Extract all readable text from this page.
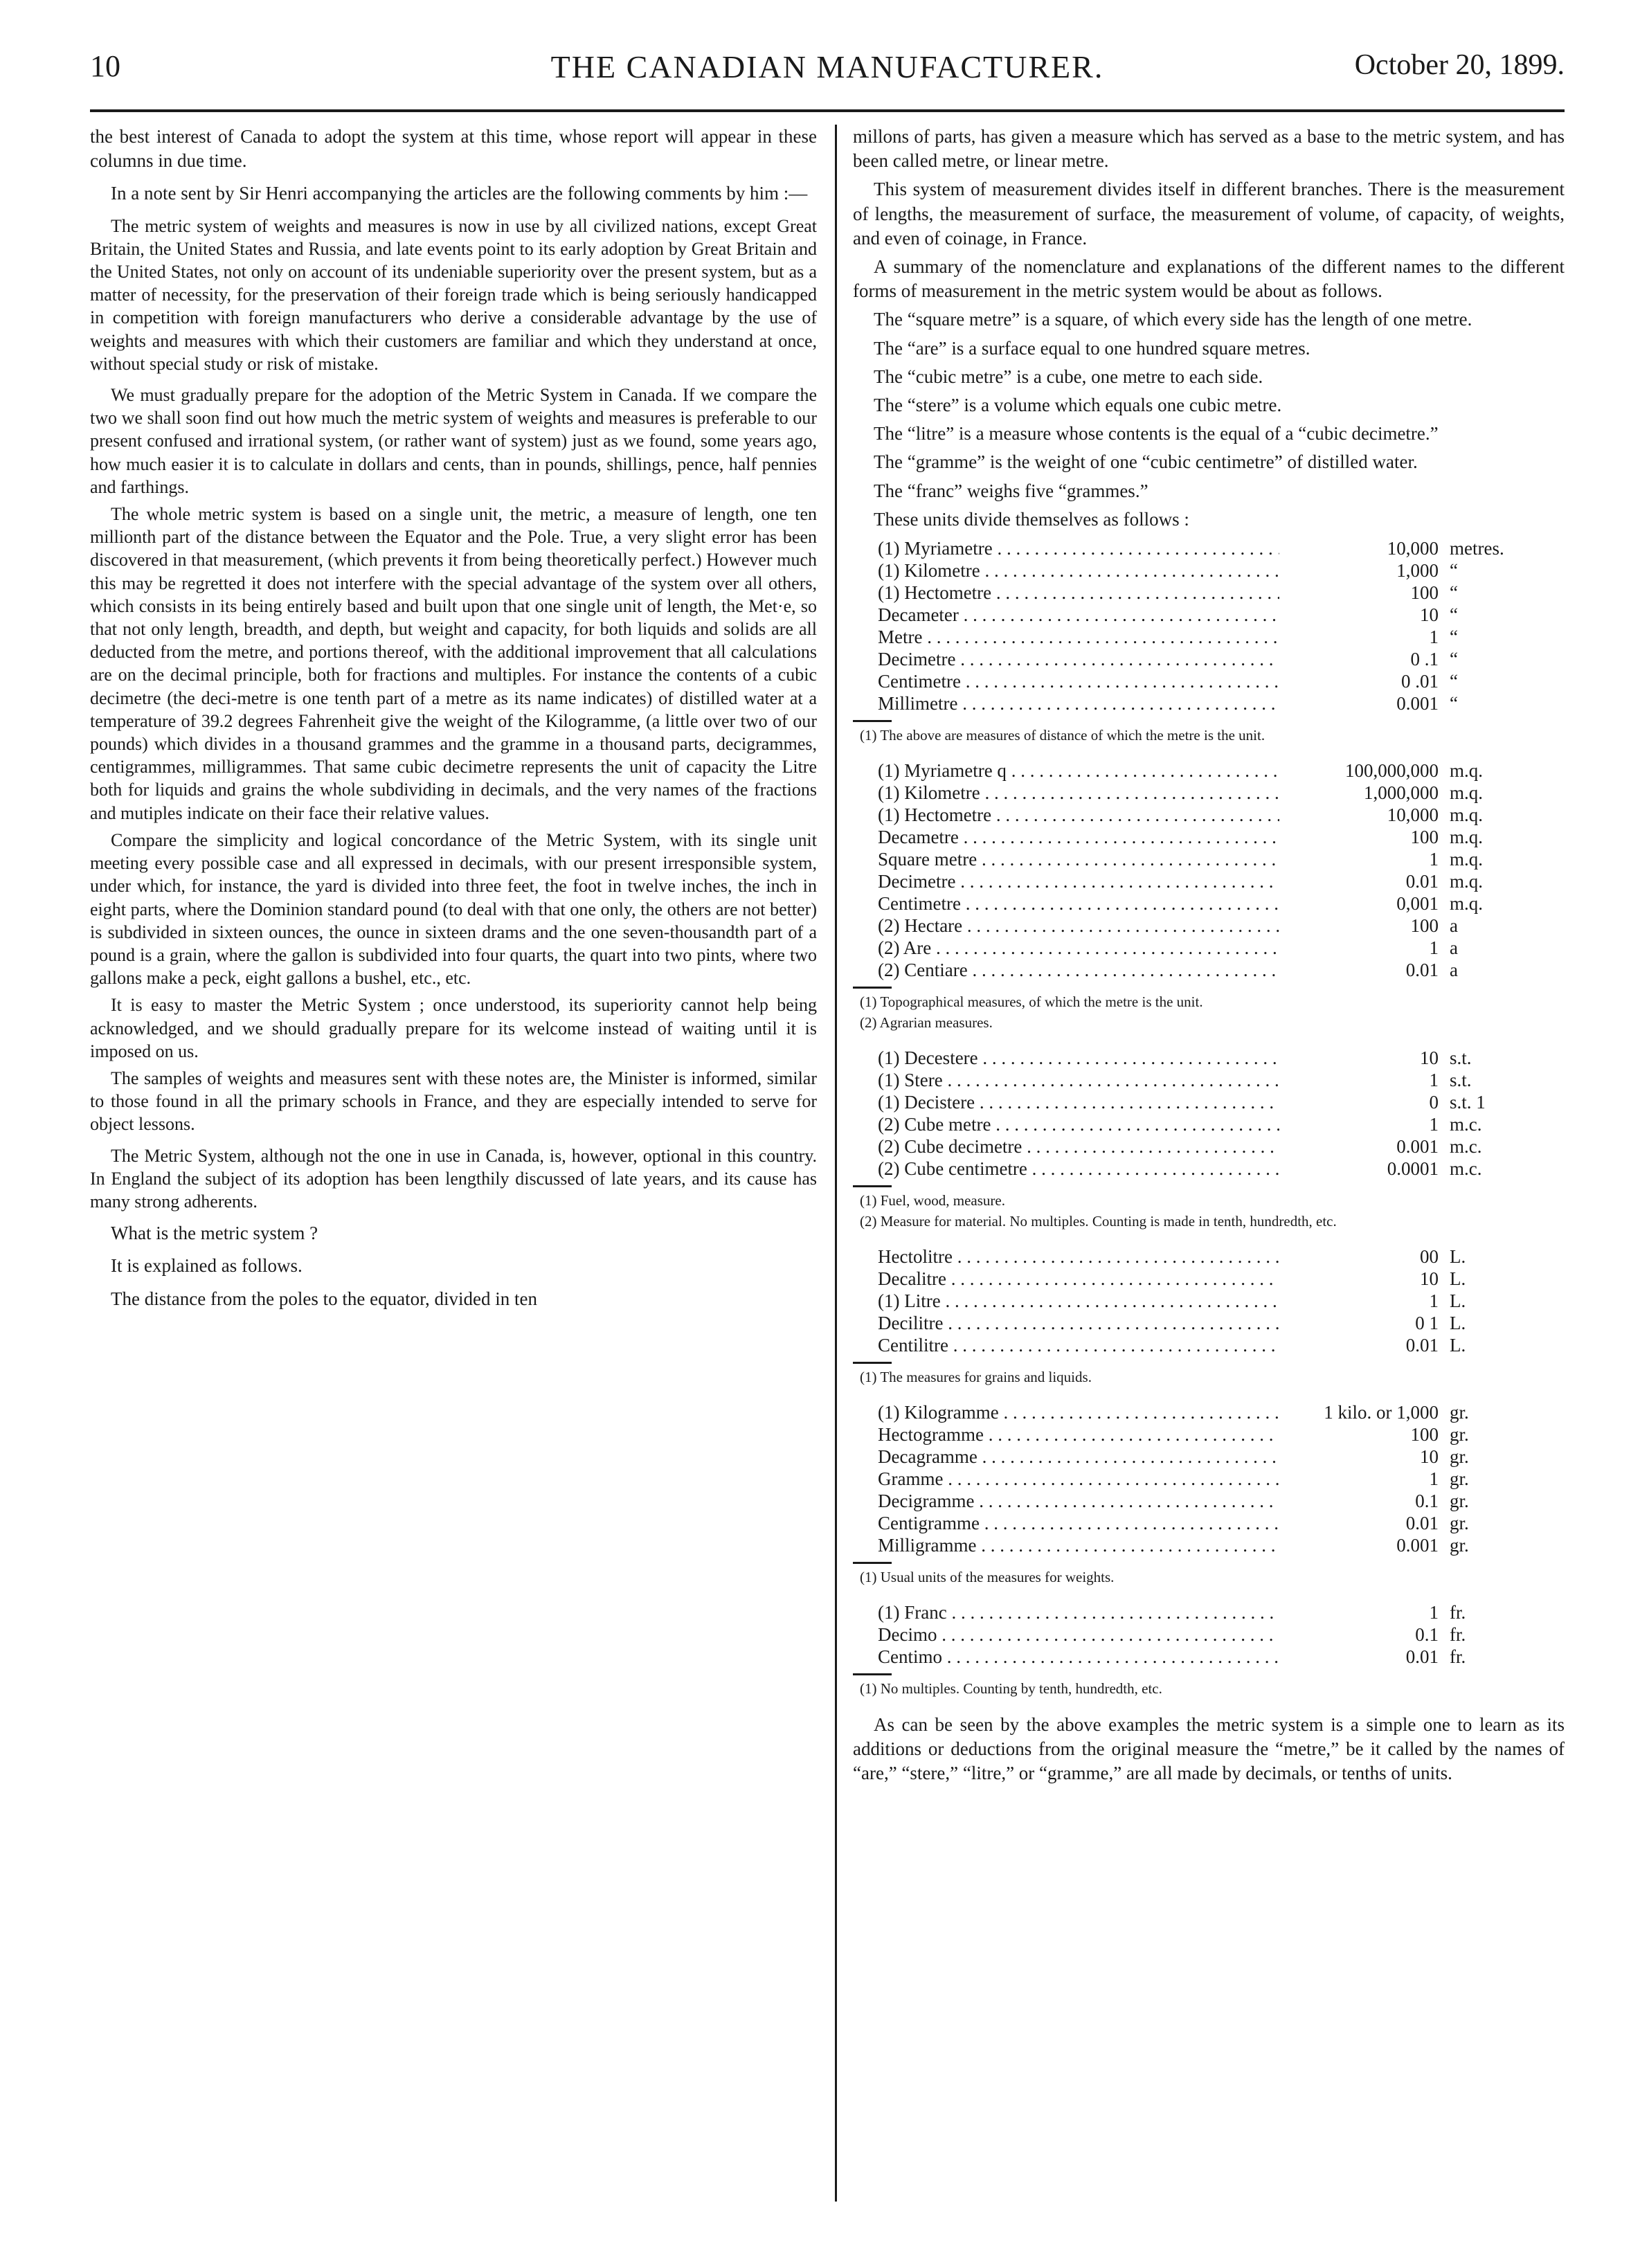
10	THE CANADIAN MANUFACTURER.	October 20, 1899.

the best interest of Canada to adopt the system at this time, whose report will appear in these columns in due time.

In a note sent by Sir Henri accompanying the articles are the following comments by him :—

The metric system of weights and measures is now in use by all civilized nations, except Great Britain, the United States and Russia, and late events point to its early adoption by Great Britain and the United States, not only on account of its undeniable superiority over the present system, but as a matter of necessity, for the preservation of their foreign trade which is being seriously handicapped in competition with foreign manufacturers who derive a considerable advantage by the use of weights and measures with which their customers are familiar and which they understand at once, without special study or risk of mistake.

We must gradually prepare for the adoption of the Metric System in Canada. If we compare the two we shall soon find out how much the metric system of weights and measures is preferable to our present confused and irrational system, (or rather want of system) just as we found, some years ago, how much easier it is to calculate in dollars and cents, than in pounds, shillings, pence, half pennies and farthings.

The whole metric system is based on a single unit, the metric, a measure of length, one ten millionth part of the distance between the Equator and the Pole. True, a very slight error has been discovered in that measurement, (which prevents it from being theoretically perfect.) However much this may be regretted it does not interfere with the special advantage of the system over all others, which consists in its being entirely based and built upon that one single unit of length, the Met·e, so that not only length, breadth, and depth, but weight and capacity, for both liquids and solids are all deducted from the metre, and portions thereof, with the additional improvement that all calculations are on the decimal principle, both for fractions and multiples. For instance the contents of a cubic decimetre (the deci-metre is one tenth part of a metre as its name indicates) of distilled water at a temperature of 39.2 degrees Fahrenheit give the weight of the Kilogramme, (a little over two of our pounds) which divides in a thousand grammes and the gramme in a thousand parts, decigrammes, centigrammes, milligrammes. That same cubic decimetre represents the unit of capacity the Litre both for liquids and grains the whole subdividing in decimals, and the very names of the fractions and mutiples indicate on their face their relative values.

Compare the simplicity and logical concordance of the Metric System, with its single unit meeting every possible case and all expressed in decimals, with our present irresponsible system, under which, for instance, the yard is divided into three feet, the foot in twelve inches, the inch in eight parts, where the Dominion standard pound (to deal with that one only, the others are not better) is subdivided in sixteen ounces, the ounce in sixteen drams and the one seven-thousandth part of a pound is a grain, where the gallon is subdivided into four quarts, the quart into two pints, where two gallons make a peck, eight gallons a bushel, etc., etc.

It is easy to master the Metric System ; once understood, its superiority cannot help being acknowledged, and we should gradually prepare for its welcome instead of waiting until it is imposed on us.

The samples of weights and measures sent with these notes are, the Minister is informed, similar to those found in all the primary schools in France, and they are especially intended to serve for object lessons.

The Metric System, although not the one in use in Canada, is, however, optional in this country. In England the subject of its adoption has been lengthily discussed of late years, and its cause has many strong adherents.

What is the metric system ?

It is explained as follows.

The distance from the poles to the equator, divided in ten

millons of parts, has given a measure which has served as a base to the metric system, and has been called metre, or linear metre.

This system of measurement divides itself in different branches. There is the measurement of lengths, the measurement of surface, the measurement of volume, of capacity, of weights, and even of coinage, in France.

A summary of the nomenclature and explanations of the different names to the different forms of measurement in the metric system would be about as follows.

The “square metre” is a square, of which every side has the length of one metre.

The “are” is a surface equal to one hundred square metres.

The “cubic metre” is a cube, one metre to each side.

The “stere” is a volume which equals one cubic metre.

The “litre” is a measure whose contents is the equal of a “cubic decimetre.”

The “gramme” is the weight of one “cubic centimetre” of distilled water.

The “franc” weighs five “grammes.”

These units divide themselves as follows :

(1) Myriametre . . .	10,000 metres.
(1) Kilometre . . .	1,000 “
(1) Hectometre . . .	100 “
Decameter . . .	10 “
Metre . . .	1 “
Decimetre . . .	0 .1 “
Centimetre . . .	0 .01 “
Millimetre . . .	0.001 “
(1) The above are measures of distance of which the metre is the unit.
(1) Myriametre q . . .	100,000,000 m.q.
(1) Kilometre . . .	1,000,000 m.q.
(1) Hectometre . . .	10,000 m.q.
Decametre . . .	100 m.q.
Square metre . . .	1 m.q.
Decimetre . . .	0.01 m.q.
Centimetre . . .	0,001 m.q.
(2) Hectare . . .	100 a
(2) Are . . .	1 a
(2) Centiare . . .	0.01 a
(1) Topographical measures, of which the metre is the unit.
(2) Agrarian measures.
(1) Decestere . . .	10 s.t.
(1) Stere . . .	1 s.t.
(1) Decistere . . .	0 s.t. 1
(2) Cube metre . . .	1 m.c.
(2) Cube decimetre . . .	0.001 m.c.
(2) Cube centimetre . . .	0.0001 m.c.
(1) Fuel, wood, measure.
(2) Measure for material. No multiples. Counting is made in tenth, hundredth, etc.
Hectolitre . . .	00 L.
Decalitre . . .	10 L.
(1) Litre . . .	1 L.
Decilitre . . .	0 1 L.
Centilitre . . .	0.01 L.
(1) The measures for grains and liquids.
(1) Kilogramme . . .	1 kilo. or 1,000 gr.
Hectogramme . . .	100 gr.
Decagramme . . .	10 gr.
Gramme . . .	1 gr.
Decigramme . . .	0.1 gr.
Centigramme . . .	0.01 gr.
Milligramme . . .	0.001 gr.
(1) Usual units of the measures for weights.
(1) Franc . . .	1 fr.
Decimo . . .	0.1 fr.
Centimo . . .	0.01 fr.
(1) No multiples. Counting by tenth, hundredth, etc.

As can be seen by the above examples the metric system is a simple one to learn as its additions or deductions from the original measure the “metre,” be it called by the names of “are,” “stere,” “litre,” or “gramme,” are all made by decimals, or tenths of units.
